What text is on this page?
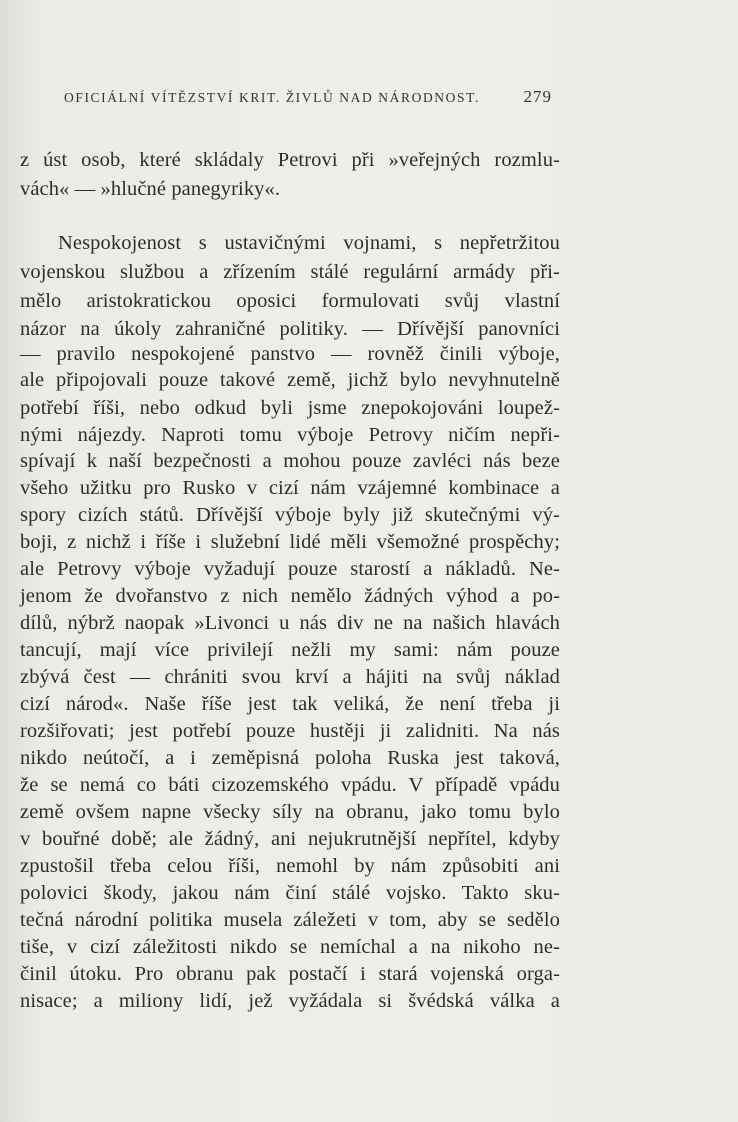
OFICIÁLNÍ VÍTĚZSTVÍ KRIT. ŽIVLŮ NAD NÁRODNOST.	279
z úst osob, které skládaly Petrovi při »veřejných rozmlu-
vách« — »hlučné panegyriky«.
Nespokojenost s ustavičnými vojnami, s nepřetržitou
vojenskou službou a zřízením stálé regulární armády při-
mělo aristokratickou oposici formulovati svůj vlastní
názor na úkoly zahraničné politiky. — Dřívější panovníci
— pravilo nespokojené panstvo — rovněž činili výboje,
ale připojovali pouze takové země, jichž bylo nevyhnutelně
potřebí říši, nebo odkud byli jsme znepokojováni loupež-
nými nájezdy. Naproti tomu výboje Petrovy ničím nepři-
spívají k naší bezpečnosti a mohou pouze zavléci nás beze
všeho užitku pro Rusko v cizí nám vzájemné kombinace a
spory cizích států. Dřívější výboje byly již skutečnými vý-
boji, z nichž i říše i služební lidé měli všemožné prospěchy;
ale Petrovy výboje vyžadují pouze starostí a nákladů. Ne-
jenom že dvořanstvo z nich nemělo žádných výhod a po-
dílů, nýbrž naopak »Livonci u nás div ne na našich hlavách
tancují, mají více privilejí nežli my sami: nám pouze
zbývá čest — chrániti svou krví a hájiti na svůj náklad
cizí národ«. Naše říše jest tak veliká, že není třeba ji
rozšiřovati; jest potřebí pouze hustěji ji zalidniti. Na nás
nikdo neútočí, a i zeměpisná poloha Ruska jest taková,
že se nemá co báti cizozemského vpádu. V případě vpádu
země ovšem napne všecky síly na obranu, jako tomu bylo
v bouřné době; ale žádný, ani nejukrutnější nepřítel, kdyby
zpustošil třeba celou říši, nemohl by nám způsobiti ani
polovici škody, jakou nám činí stálé vojsko. Takto sku-
tečná národní politika musela záležeti v tom, aby se sedělo
tiše, v cizí záležitosti nikdo se nemíchal a na nikoho ne-
činil útoku. Pro obranu pak postačí i stará vojenská orga-
nisace; a miliony lidí, jež vyžádala si švédská válka a
